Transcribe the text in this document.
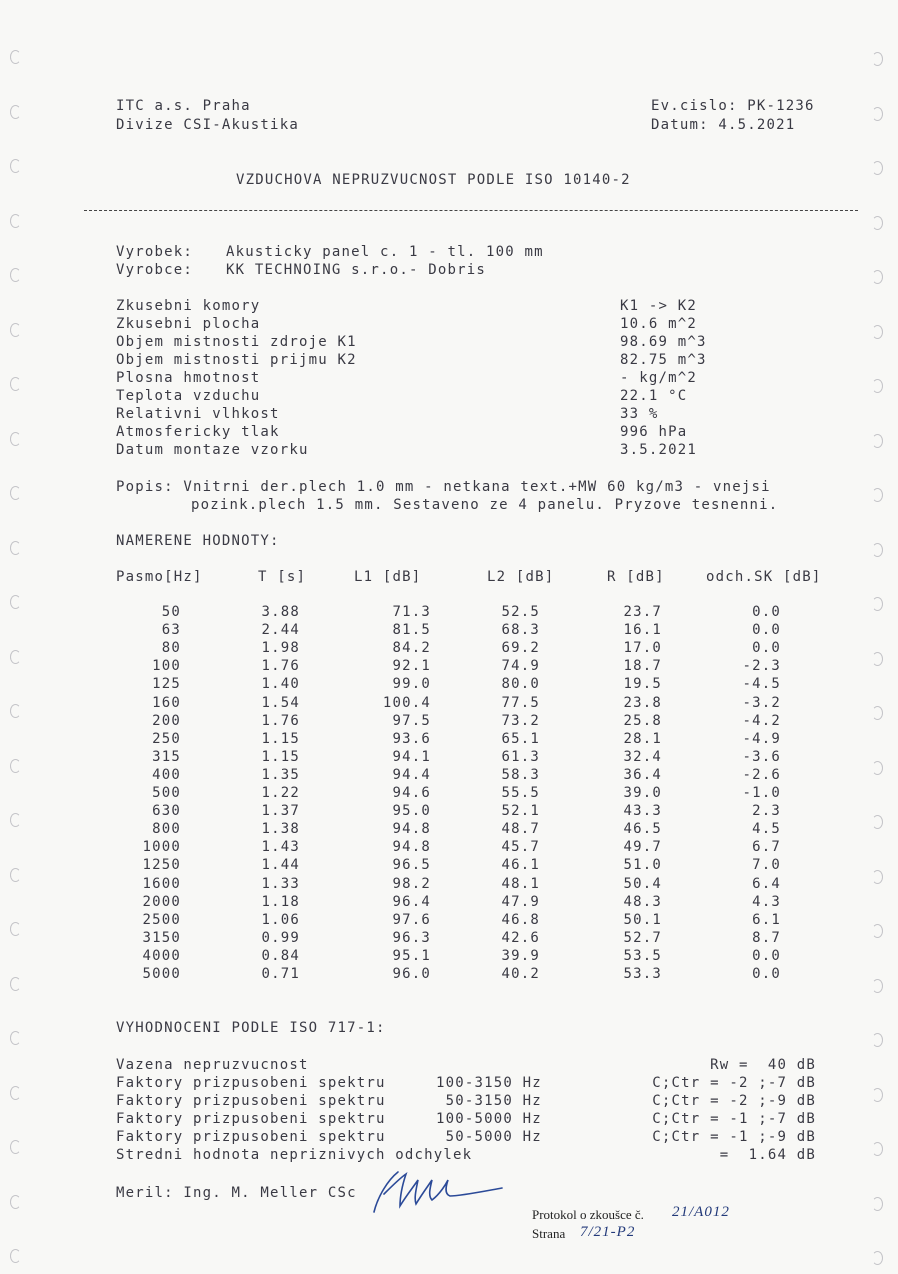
ITC a.s. Praha
Divize CSI-Akustika
Ev.cislo: PK-1236
Datum: 4.5.2021
VZDUCHOVA NEPRUZVUCNOST PODLE ISO 10140-2
Vyrobek: Akusticky panel c. 1 - tl. 100 mm
Vyrobce: KK TECHNOING s.r.o.- Dobris
Zkusebni komory	K1 -> K2
Zkusebni plocha	10.6 m^2
Objem mistnosti zdroje K1	98.69 m^3
Objem mistnosti prijmu K2	82.75 m^3
Plosna hmotnost	- kg/m^2
Teplota vzduchu	22.1 °C
Relativni vlhkost	33 %
Atmosfericky tlak	996 hPa
Datum montaze vzorku	3.5.2021
Popis: Vnitrni der.plech 1.0 mm - netkana text.+MW 60 kg/m3 - vnejsi
pozink.plech 1.5 mm. Sestaveno ze 4 panelu. Pryzove tesnenni.
NAMERENE HODNOTY:
Pasmo[Hz]	T [s]	L1 [dB]	L2 [dB]	R [dB]	odch.SK [dB]
50	3.88	71.3	52.5	23.7	0.0
63	2.44	81.5	68.3	16.1	0.0
80	1.98	84.2	69.2	17.0	0.0
100	1.76	92.1	74.9	18.7	-2.3
125	1.40	99.0	80.0	19.5	-4.5
160	1.54	100.4	77.5	23.8	-3.2
200	1.76	97.5	73.2	25.8	-4.2
250	1.15	93.6	65.1	28.1	-4.9
315	1.15	94.1	61.3	32.4	-3.6
400	1.35	94.4	58.3	36.4	-2.6
500	1.22	94.6	55.5	39.0	-1.0
630	1.37	95.0	52.1	43.3	2.3
800	1.38	94.8	48.7	46.5	4.5
1000	1.43	94.8	45.7	49.7	6.7
1250	1.44	96.5	46.1	51.0	7.0
1600	1.33	98.2	48.1	50.4	6.4
2000	1.18	96.4	47.9	48.3	4.3
2500	1.06	97.6	46.8	50.1	6.1
3150	0.99	96.3	42.6	52.7	8.7
4000	0.84	95.1	39.9	53.5	0.0
5000	0.71	96.0	40.2	53.3	0.0
VYHODNOCENI PODLE ISO 717-1:
Vazena nepruzvucnost	Rw =  40 dB
Faktory prizpusobeni spektru	100-3150 Hz	C;Ctr = -2 ;-7 dB
Faktory prizpusobeni spektru	50-3150 Hz	C;Ctr = -2 ;-9 dB
Faktory prizpusobeni spektru	100-5000 Hz	C;Ctr = -1 ;-7 dB
Faktory prizpusobeni spektru	50-5000 Hz	C;Ctr = -1 ;-9 dB
Stredni hodnota nepriznivych odchylek	=  1.64 dB
Meril: Ing. M. Meller CSc
Protokol o zkoušce č. 21/A012
Strana 7/21-P2
